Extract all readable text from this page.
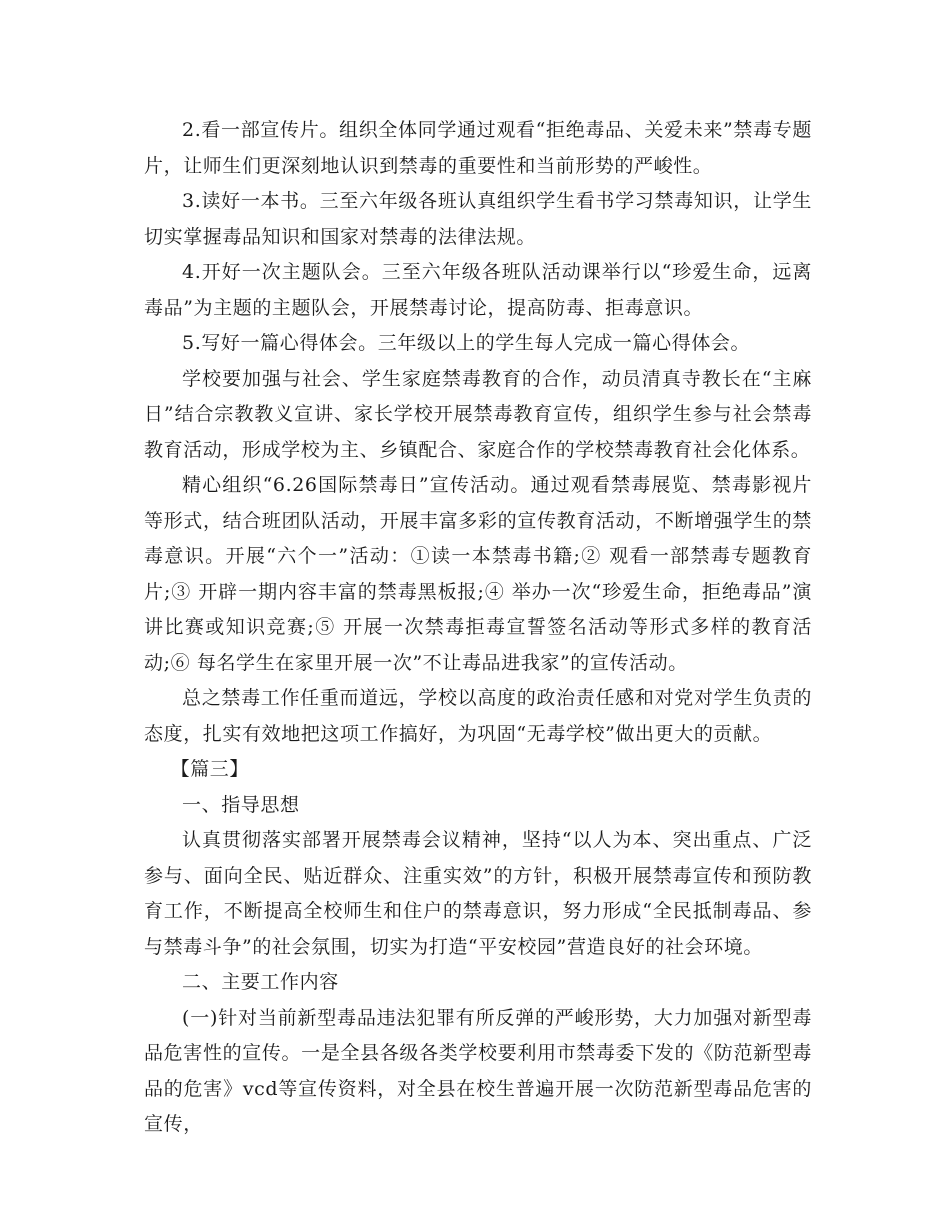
2.看一部宣传片。组织全体同学通过观看“拒绝毒品、关爱未来”禁毒专题片，让师生们更深刻地认识到禁毒的重要性和当前形势的严峻性。

3.读好一本书。三至六年级各班认真组织学生看书学习禁毒知识，让学生切实掌握毒品知识和国家对禁毒的法律法规。

4.开好一次主题队会。三至六年级各班队活动课举行以“珍爱生命，远离毒品”为主题的主题队会，开展禁毒讨论，提高防毒、拒毒意识。

5.写好一篇心得体会。三年级以上的学生每人完成一篇心得体会。

学校要加强与社会、学生家庭禁毒教育的合作，动员清真寺教长在“主麻日”结合宗教教义宣讲、家长学校开展禁毒教育宣传，组织学生参与社会禁毒教育活动，形成学校为主、乡镇配合、家庭合作的学校禁毒教育社会化体系。

精心组织“6.26国际禁毒日”宣传活动。通过观看禁毒展览、禁毒影视片等形式，结合班团队活动，开展丰富多彩的宣传教育活动，不断增强学生的禁毒意识。开展“六个一”活动：①读一本禁毒书籍;② 观看一部禁毒专题教育片;③ 开辟一期内容丰富的禁毒黑板报;④ 举办一次“珍爱生命，拒绝毒品”演讲比赛或知识竞赛;⑤ 开展一次禁毒拒毒宣誓签名活动等形式多样的教育活动;⑥ 每名学生在家里开展一次”不让毒品进我家”的宣传活动。

总之禁毒工作任重而道远，学校以高度的政治责任感和对党对学生负责的态度，扎实有效地把这项工作搞好，为巩固“无毒学校”做出更大的贡献。

【篇三】

一、指导思想

认真贯彻落实部署开展禁毒会议精神，坚持“以人为本、突出重点、广泛参与、面向全民、贴近群众、注重实效”的方针，积极开展禁毒宣传和预防教育工作，不断提高全校师生和住户的禁毒意识，努力形成“全民抵制毒品、参与禁毒斗争”的社会氛围，切实为打造“平安校园”营造良好的社会环境。

二、主要工作内容

(一)针对当前新型毒品违法犯罪有所反弹的严峻形势，大力加强对新型毒品危害性的宣传。一是全县各级各类学校要利用市禁毒委下发的《防范新型毒品的危害》vcd等宣传资料，对全县在校生普遍开展一次防范新型毒品危害的宣传，
